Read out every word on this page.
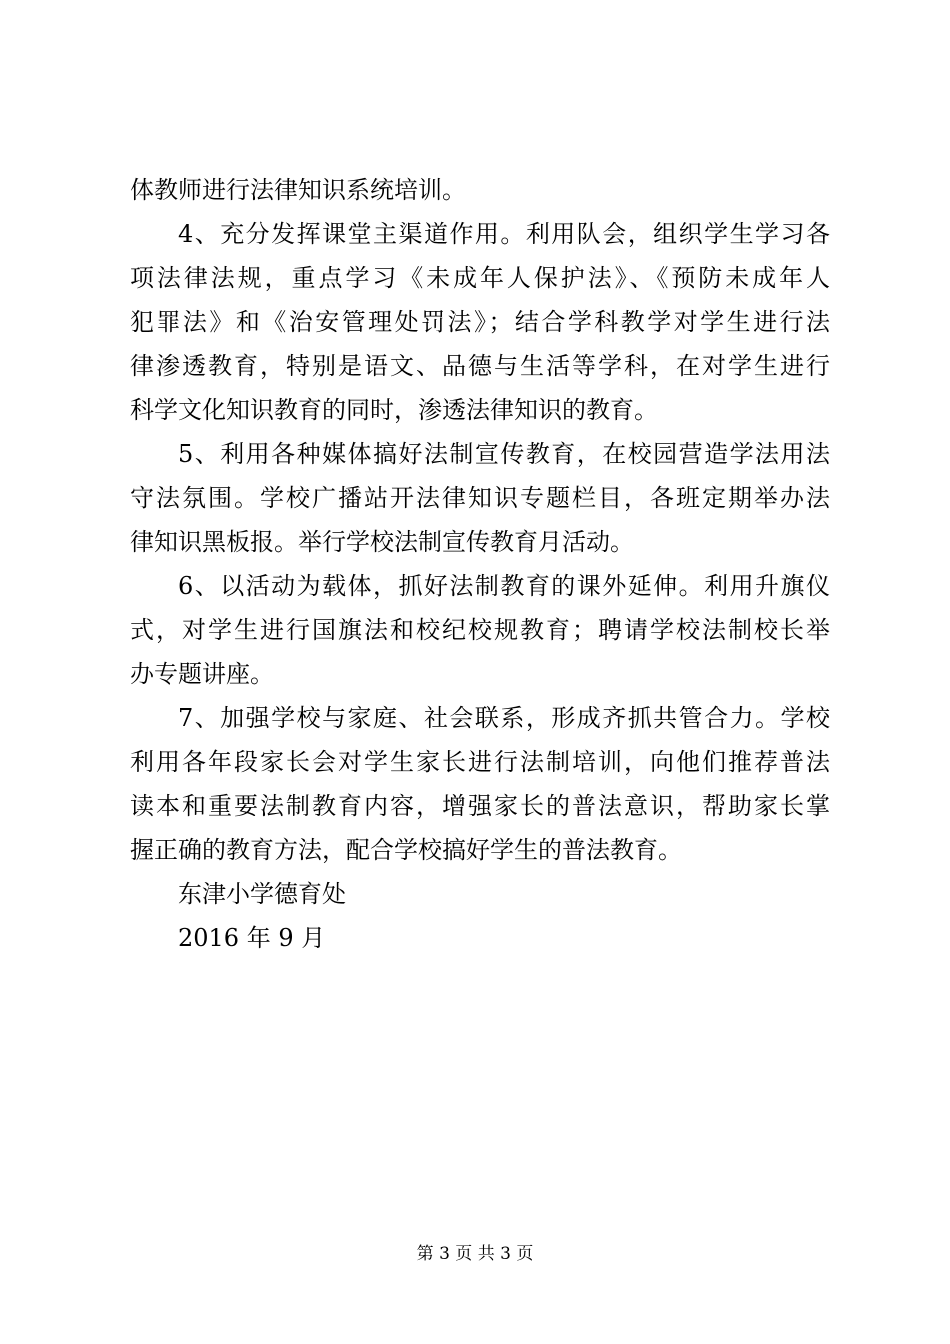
体教师进行法律知识系统培训。
4、充分发挥课堂主渠道作用。利用队会，组织学生学习各
项法律法规，重点学习《未成年人保护法》、《预防未成年人
犯罪法》和《治安管理处罚法》；结合学科教学对学生进行法
律渗透教育，特别是语文、品德与生活等学科，在对学生进行
科学文化知识教育的同时，渗透法律知识的教育。
5、利用各种媒体搞好法制宣传教育，在校园营造学法用法
守法氛围。学校广播站开法律知识专题栏目，各班定期举办法
律知识黑板报。举行学校法制宣传教育月活动。
6、以活动为载体，抓好法制教育的课外延伸。利用升旗仪
式，对学生进行国旗法和校纪校规教育；聘请学校法制校长举
办专题讲座。
7、加强学校与家庭、社会联系，形成齐抓共管合力。学校
利用各年段家长会对学生家长进行法制培训，向他们推荐普法
读本和重要法制教育内容，增强家长的普法意识，帮助家长掌
握正确的教育方法，配合学校搞好学生的普法教育。
东津小学德育处
2016 年 9 月
第 3 页 共 3 页
